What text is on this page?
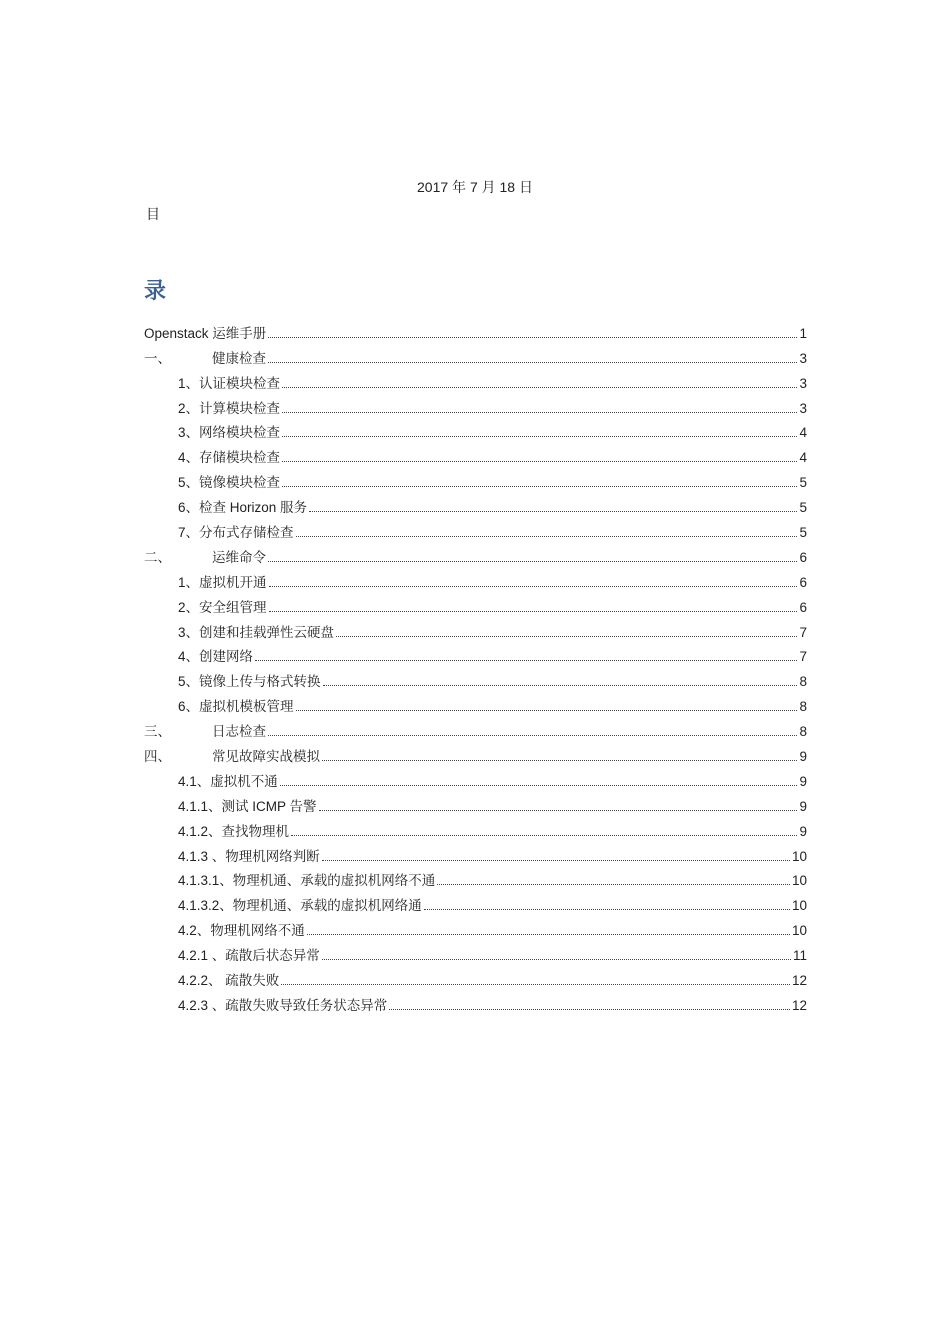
2017 年 7 月 18 日
目
录
Openstack 运维手册	1
一、	健康检查	3
1、认证模块检查	3
2、计算模块检查	3
3、网络模块检查	4
4、存储模块检查	4
5、镜像模块检查	5
6、检查 Horizon 服务	5
7、分布式存储检查	5
二、	运维命令	6
1、虚拟机开通	6
2、安全组管理	6
3、创建和挂载弹性云硬盘	7
4、创建网络	7
5、镜像上传与格式转换	8
6、虚拟机模板管理	8
三、	日志检查	8
四、	常见故障实战模拟	9
4.1、虚拟机不通	9
4.1.1、测试 ICMP 告警	9
4.1.2、查找物理机	9
4.1.3 、物理机网络判断	10
4.1.3.1、物理机通、承载的虚拟机网络不通	10
4.1.3.2、物理机通、承载的虚拟机网络通	10
4.2、物理机网络不通	10
4.2.1 、疏散后状态异常	11
4.2.2、 疏散失败	12
4.2.3 、疏散失败导致任务状态异常	12
